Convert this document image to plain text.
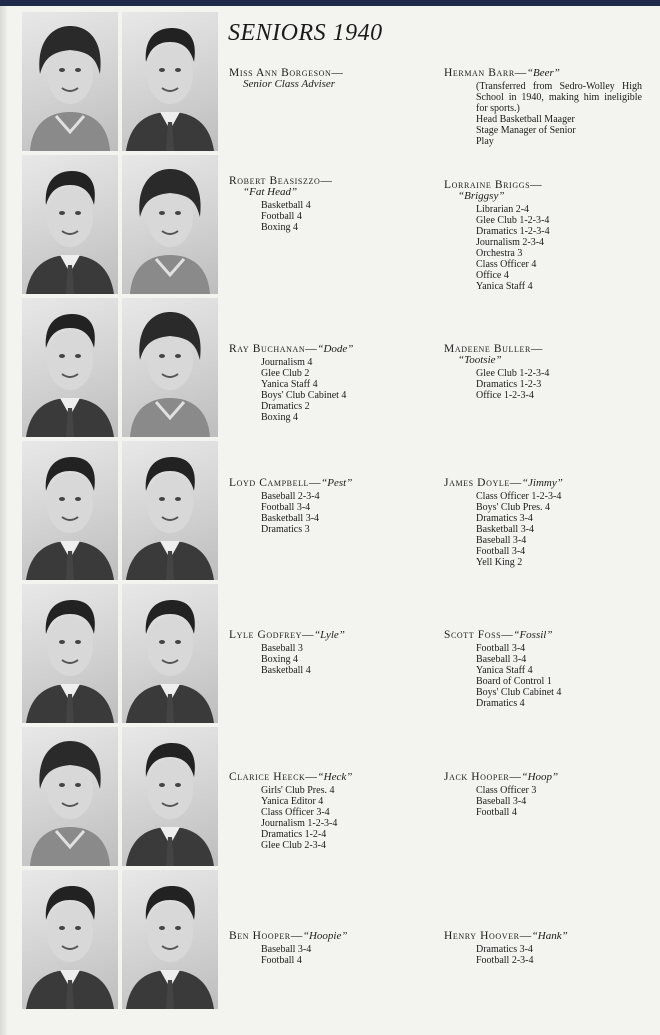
SENIORS 1940
Miss Ann Borgeson—
Senior Class Adviser
Herman Barr—“Beer”
(Transferred from Sedro-Wolley High School in 1940, making him ineligible for sports.)
Head Basketball Maager
Stage Manager of Senior
Play
Robert Beasiszzo—
“Fat Head”
Basketball 4
Football 4
Boxing 4
Lorraine Briggs—
“Briggsy”
Librarian 2-4
Glee Club 1-2-3-4
Dramatics 1-2-3-4
Journalism 2-3-4
Orchestra 3
Class Officer 4
Office 4
Yanica Staff 4
Ray Buchanan—“Dode”
Journalism 4
Glee Club 2
Yanica Staff 4
Boys' Club Cabinet 4
Dramatics 2
Boxing 4
Madeene Buller—
“Tootsie”
Glee Club 1-2-3-4
Dramatics 1-2-3
Office 1-2-3-4
Loyd Campbell—“Pest”
Baseball 2-3-4
Football 3-4
Basketball 3-4
Dramatics 3
James Doyle—“Jimmy”
Class Officer 1-2-3-4
Boys' Club Pres. 4
Dramatics 3-4
Basketball 3-4
Baseball 3-4
Football 3-4
Yell King 2
Lyle Godfrey—“Lyle”
Baseball 3
Boxing 4
Basketball 4
Scott Foss—“Fossil”
Football 3-4
Baseball 3-4
Yanica Staff 4
Board of Control 1
Boys' Club Cabinet 4
Dramatics 4
Clarice Heeck—“Heck”
Girls' Club Pres. 4
Yanica Editor 4
Class Officer 3-4
Journalism 1-2-3-4
Dramatics 1-2-4
Glee Club 2-3-4
Jack Hooper—“Hoop”
Class Officer 3
Baseball 3-4
Football 4
Ben Hooper—“Hoopie”
Baseball 3-4
Football 4
Henry Hoover—“Hank”
Dramatics 3-4
Football 2-3-4
